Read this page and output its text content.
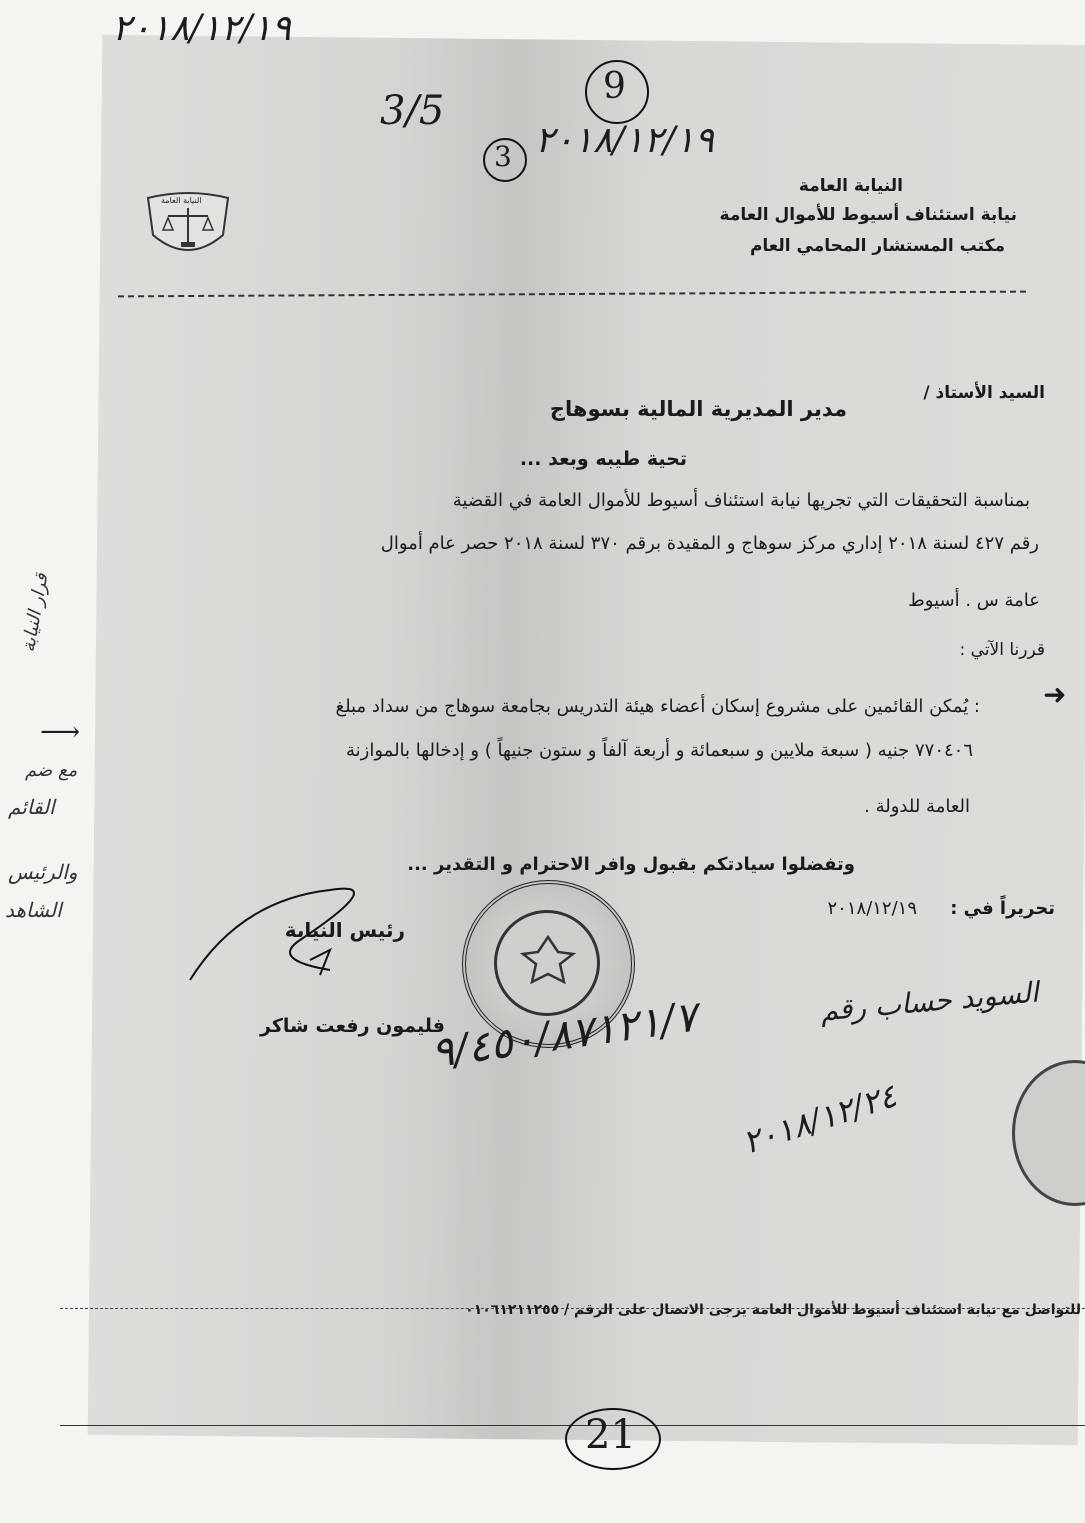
٢٠١٨/١٢/١٩
3/5
9
3 ٢٠١٨/١٢/١٩
النيابة العامة
نيابة استئناف أسيوط للأموال العامة
مكتب المستشار المحامي العام
النيابة العامة
السيد الأستاذ /
مدير المديرية المالية بسوهاج
تحية طيبه وبعد ...
بمناسبة التحقيقات التي تجريها نيابة استئناف أسيوط للأموال العامة في القضية
رقم ٤٢٧ لسنة ٢٠١٨ إداري مركز سوهاج و المقيدة برقم ٣٧٠ لسنة ٢٠١٨ حصر عام أموال
عامة س . أسيوط
قررنا الآتي :
➜
: يُمكن القائمين على مشروع إسكان أعضاء هيئة التدريس بجامعة سوهاج من سداد مبلغ
٧٧٠٤٠٦ جنيه ( سبعة ملايين و سبعمائة و أربعة آلفاً و ستون جنيهاً ) و إدخالها بالموازنة
العامة للدولة .
وتفضلوا سيادتكم بقبول وافر الاحترام و التقدير ...
تحريراً في :
٢٠١٨/١٢/١٩
رئيس النيابة
فليمون رفعت شاكر
٩/٤٥٠/٨٧١٢١/٧	السويد حساب رقم
٢٠١٨/١٢/٢٤
قرار النيابة
⟶
مع ضم
القائم
والرئيس
الشاهد
للتواصل مع نيابة استئناف أسيوط للأموال العامة يرجى الاتصال على الرقم / ٠١٠٦١٢١١٢٥٥
21
